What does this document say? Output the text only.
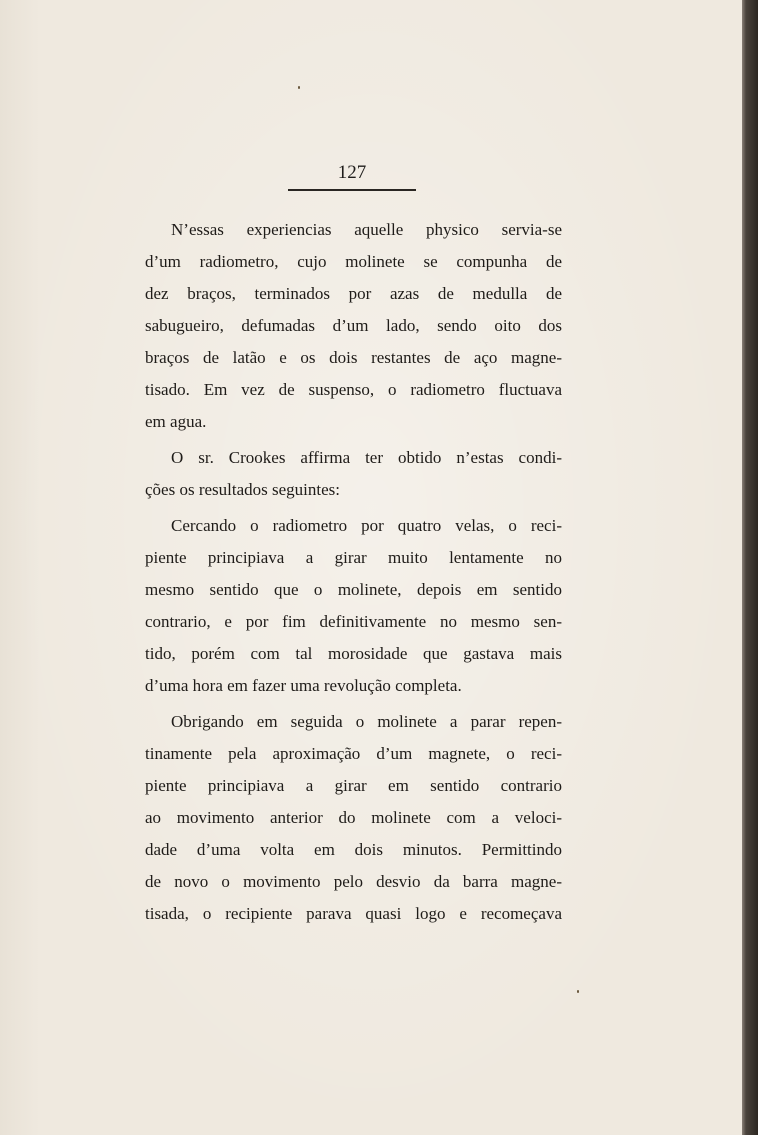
127

N’essas experiencias aquelle physico servia-se
d’um radiometro, cujo molinete se compunha de
dez braços, terminados por azas de medulla de
sabugueiro, defumadas d’um lado, sendo oito dos
braços de latão e os dois restantes de aço magne-
tisado. Em vez de suspenso, o radiometro fluctuava
em agua.

O sr. Crookes affirma ter obtido n’estas condi-
ções os resultados seguintes:

Cercando o radiometro por quatro velas, o reci-
piente principiava a girar muito lentamente no
mesmo sentido que o molinete, depois em sentido
contrario, e por fim definitivamente no mesmo sen-
tido, porém com tal morosidade que gastava mais
d’uma hora em fazer uma revolução completa.

Obrigando em seguida o molinete a parar repen-
tinamente pela aproximação d’um magnete, o reci-
piente principiava a girar em sentido contrario
ao movimento anterior do molinete com a veloci-
dade d’uma volta em dois minutos. Permittindo
de novo o movimento pelo desvio da barra magne-
tisada, o recipiente parava quasi logo e recomeçava
